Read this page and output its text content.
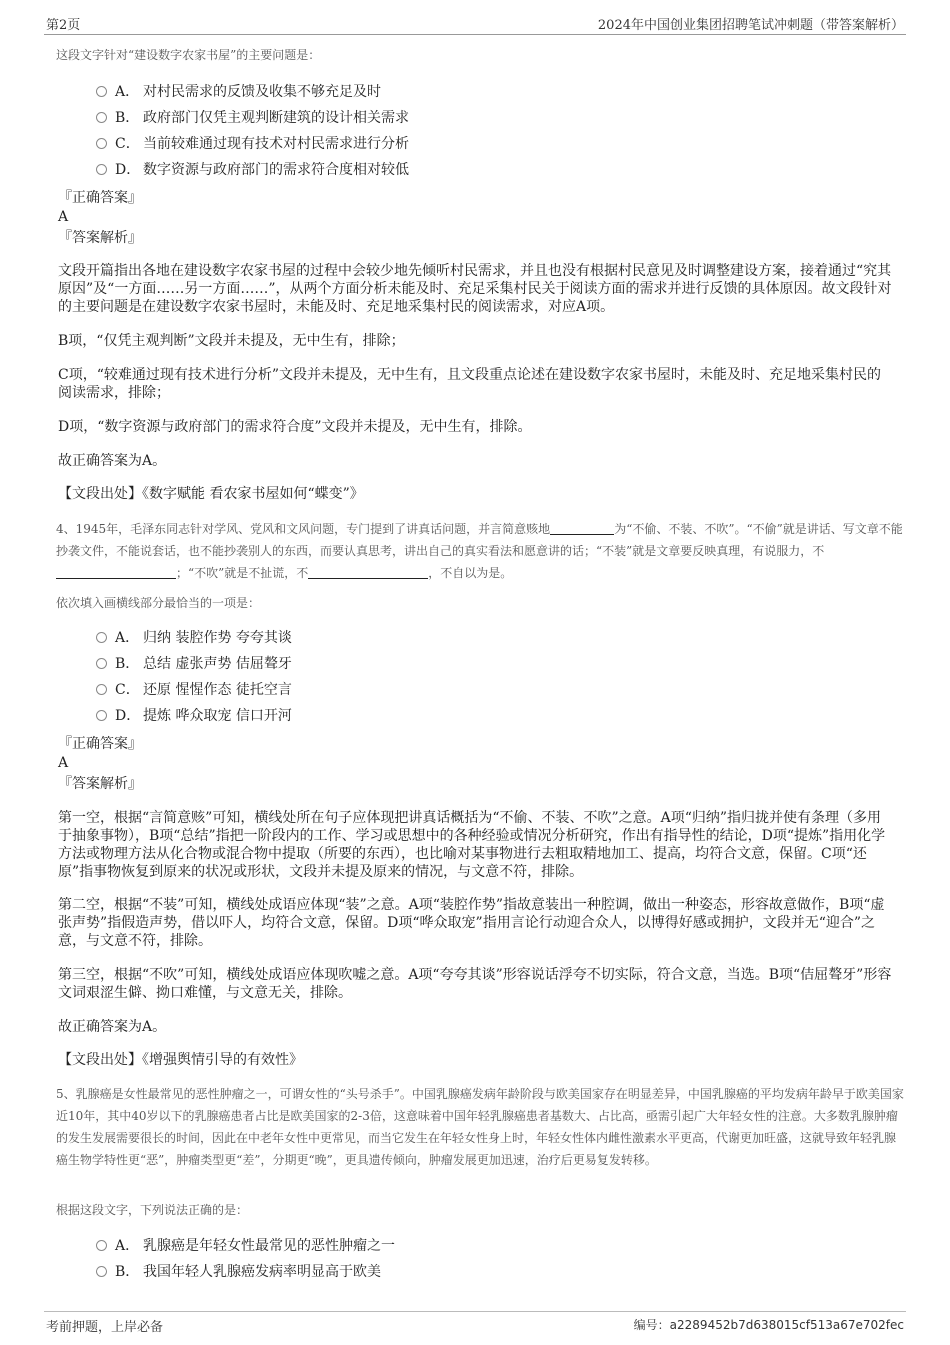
第2页	2024年中国创业集团招聘笔试冲刺题（带答案解析）
这段文字针对“建设数字农家书屋”的主要问题是：
A． 对村民需求的反馈及收集不够充足及时
B． 政府部门仅凭主观判断建筑的设计相关需求
C． 当前较难通过现有技术对村民需求进行分析
D． 数字资源与政府部门的需求符合度相对较低
『正确答案』
A
『答案解析』
文段开篇指出各地在建设数字农家书屋的过程中会较少地先倾听村民需求，并且也没有根据村民意见及时调整建设方案，接着通过“究其原因”及“一方面……另一方面……”，从两个方面分析未能及时、充足采集村民关于阅读方面的需求并进行反馈的具体原因。故文段针对的主要问题是在建设数字农家书屋时，未能及时、充足地采集村民的阅读需求，对应A项。
B项，“仅凭主观判断”文段并未提及，无中生有，排除；
C项，“较难通过现有技术进行分析”文段并未提及，无中生有，且文段重点论述在建设数字农家书屋时，未能及时、充足地采集村民的阅读需求，排除；
D项，“数字资源与政府部门的需求符合度”文段并未提及，无中生有，排除。
故正确答案为A。
【文段出处】《数字赋能 看农家书屋如何“蝶变”》
4、1945年，毛泽东同志针对学风、党风和文风问题，专门提到了讲真话问题，并言简意赅地	为“不偷、不装、不吹”。“不偷”就是讲话、写文章不能抄袭文件，不能说套话，也不能抄袭别人的东西，而要认真思考，讲出自己的真实看法和愿意讲的话；“不装”就是文章要反映真理，有说服力，不；“不吹”就是不扯谎，不	，不自以为是。
依次填入画横线部分最恰当的一项是：
A． 归纳 装腔作势 夸夸其谈
B． 总结 虚张声势 佶屈聱牙
C． 还原 惺惺作态 徒托空言
D． 提炼 哗众取宠 信口开河
『正确答案』
A
『答案解析』
第一空，根据“言简意赅”可知，横线处所在句子应体现把讲真话概括为“不偷、不装、不吹”之意。A项“归纳”指归拢并使有条理（多用于抽象事物），B项“总结”指把一阶段内的工作、学习或思想中的各种经验或情况分析研究，作出有指导性的结论，D项“提炼”指用化学方法或物理方法从化合物或混合物中提取（所要的东西），也比喻对某事物进行去粗取精地加工、提高，均符合文意，保留。C项“还原”指事物恢复到原来的状况或形状，文段并未提及原来的情况，与文意不符，排除。
第二空，根据“不装”可知，横线处成语应体现“装”之意。A项“装腔作势”指故意装出一种腔调，做出一种姿态，形容故意做作，B项“虚张声势”指假造声势，借以吓人，均符合文意，保留。D项“哗众取宠”指用言论行动迎合众人，以博得好感或拥护，文段并无“迎合”之意，与文意不符，排除。
第三空，根据“不吹”可知，横线处成语应体现吹嘘之意。A项“夸夸其谈”形容说话浮夸不切实际，符合文意，当选。B项“佶屈聱牙”形容文词艰涩生僻、拗口难懂，与文意无关，排除。
故正确答案为A。
【文段出处】《增强舆情引导的有效性》
5、乳腺癌是女性最常见的恶性肿瘤之一，可谓女性的“头号杀手”。中国乳腺癌发病年龄阶段与欧美国家存在明显差异，中国乳腺癌的平均发病年龄早于欧美国家近10年，其中40岁以下的乳腺癌患者占比是欧美国家的2-3倍，这意味着中国年轻乳腺癌患者基数大、占比高，亟需引起广大年轻女性的注意。大多数乳腺肿瘤的发生发展需要很长的时间，因此在中老年女性中更常见，而当它发生在年轻女性身上时，年轻女性体内雌性激素水平更高，代谢更加旺盛，这就导致年轻乳腺癌生物学特性更“恶”，肿瘤类型更“差”，分期更“晚”，更具遗传倾向，肿瘤发展更加迅速，治疗后更易复发转移。
根据这段文字，下列说法正确的是：
A． 乳腺癌是年轻女性最常见的恶性肿瘤之一
B． 我国年轻人乳腺癌发病率明显高于欧美
考前押题，上岸必备	编号：a2289452b7d638015cf513a67e702fec
